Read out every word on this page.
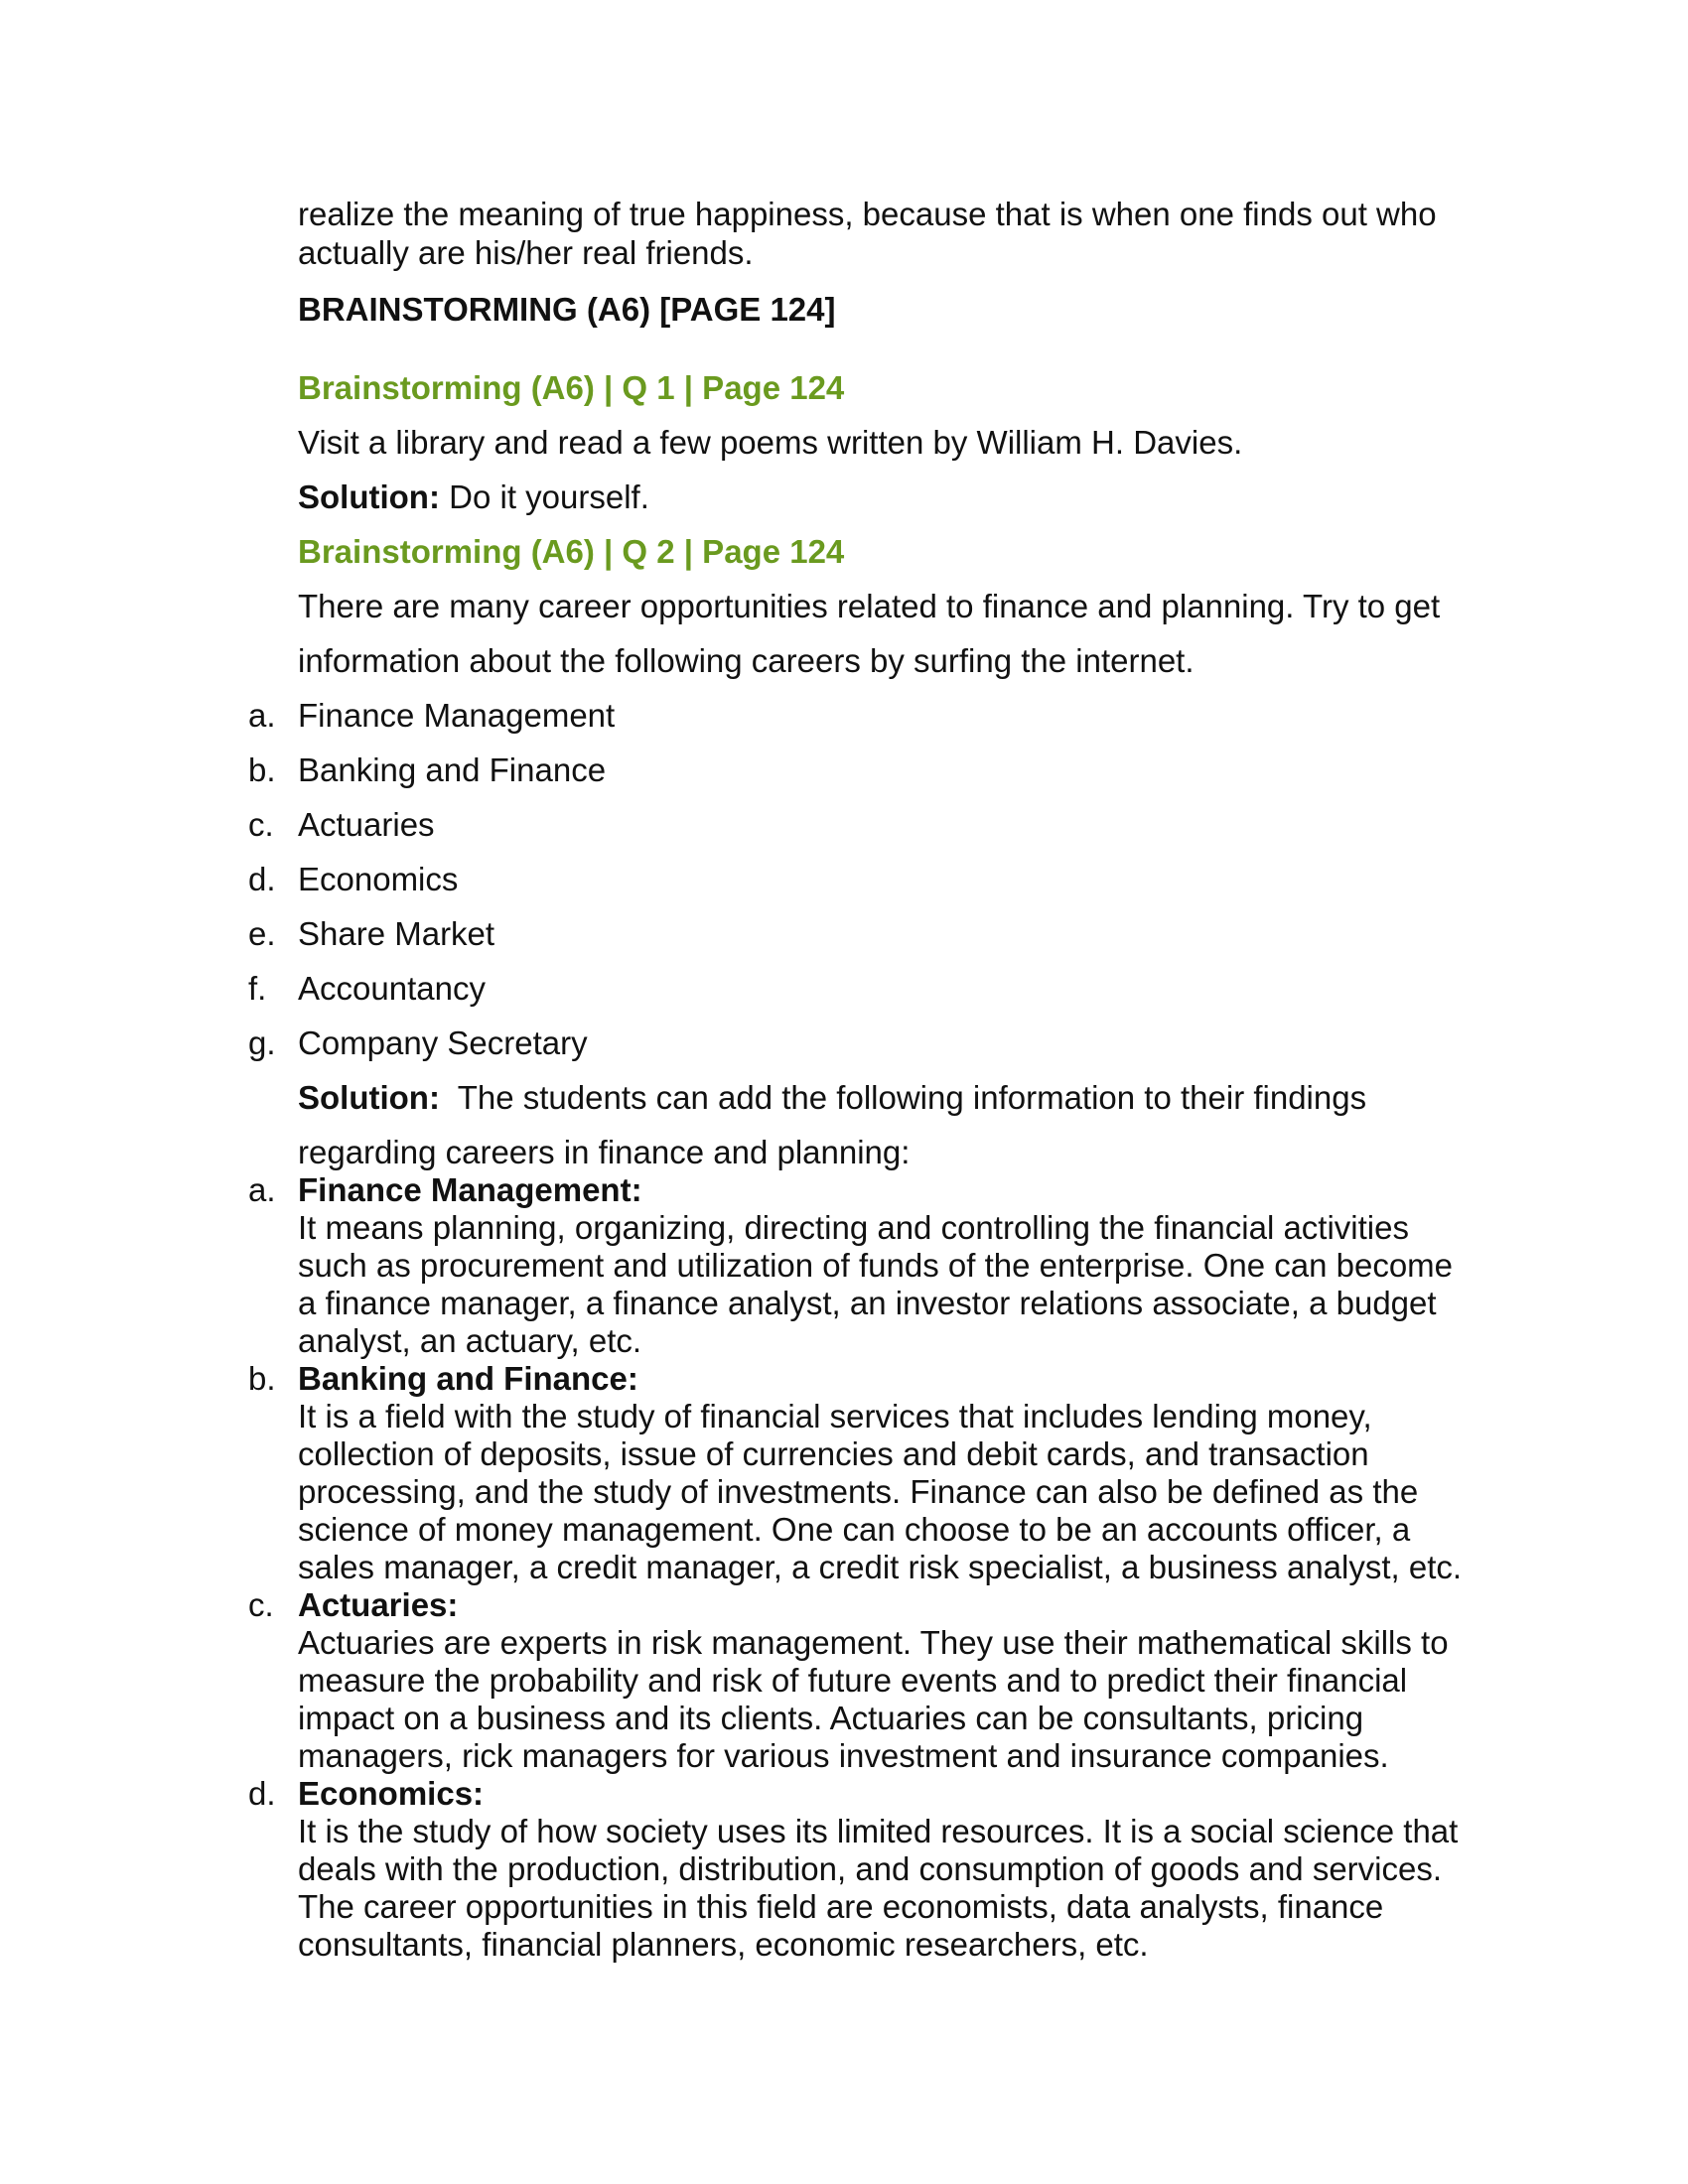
realize the meaning of true happiness, because that is when one finds out who

actually are his/her real friends.

BRAINSTORMING (A6) [PAGE 124]

Brainstorming (A6) | Q 1 | Page 124

Visit a library and read a few poems written by William H. Davies.

Solution: Do it yourself.

Brainstorming (A6) | Q 2 | Page 124

There are many career opportunities related to finance and planning. Try to get

information about the following careers by surfing the internet.

a. Finance Management
b. Banking and Finance
c. Actuaries
d. Economics
e. Share Market
f. Accountancy
g. Company Secretary

Solution:  The students can add the following information to their findings

regarding careers in finance and planning:

a. Finance Management:
It means planning, organizing, directing and controlling the financial activities
such as procurement and utilization of funds of the enterprise. One can become
a finance manager, a finance analyst, an investor relations associate, a budget
analyst, an actuary, etc.
b. Banking and Finance:
It is a field with the study of financial services that includes lending money,
collection of deposits, issue of currencies and debit cards, and transaction
processing, and the study of investments. Finance can also be defined as the
science of money management. One can choose to be an accounts officer, a
sales manager, a credit manager, a credit risk specialist, a business analyst, etc.
c. Actuaries:
Actuaries are experts in risk management. They use their mathematical skills to
measure the probability and risk of future events and to predict their financial
impact on a business and its clients. Actuaries can be consultants, pricing
managers, rick managers for various investment and insurance companies.
d. Economics:
It is the study of how society uses its limited resources. It is a social science that
deals with the production, distribution, and consumption of goods and services.
The career opportunities in this field are economists, data analysts, finance
consultants, financial planners, economic researchers, etc.
